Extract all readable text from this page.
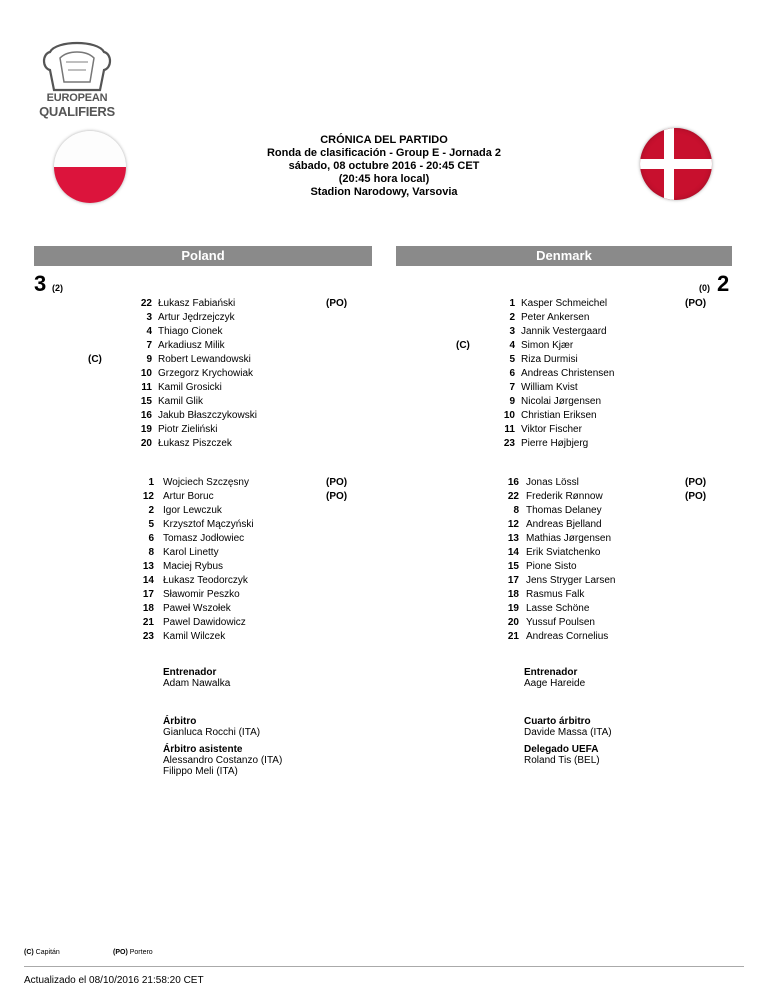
EUROPEAN
QUALIFIERS
CRÓNICA DEL PARTIDO
Ronda de clasificación - Group E - Jornada 2
sábado, 08 octubre 2016 - 20:45 CET
(20:45 hora local)
Stadion Narodowy, Varsovia
Poland	Denmark
3 (2)	(0) 2
22 Łukasz Fabiański	(PO)
3 Artur Jędrzejczyk
4 Thiago Cionek
7 Arkadiusz Milik
(C)	9 Robert Lewandowski
10 Grzegorz Krychowiak
11 Kamil Grosicki
15 Kamil Glik
16 Jakub Błaszczykowski
19 Piotr Zieliński
20 Łukasz Piszczek
1 Wojciech Szczęsny	(PO)
12 Artur Boruc	(PO)
2 Igor Lewczuk
5 Krzysztof Mączyński
6 Tomasz Jodłowiec
8 Karol Linetty
13 Maciej Rybus
14 Łukasz Teodorczyk
17 Sławomir Peszko
18 Paweł Wszołek
21 Pawel Dawidowicz
23 Kamil Wilczek
1 Kasper Schmeichel	(PO)
2 Peter Ankersen
3 Jannik Vestergaard
(C)	4 Simon Kjær
5 Riza Durmisi
6 Andreas Christensen
7 William Kvist
9 Nicolai Jørgensen
10 Christian Eriksen
11 Viktor Fischer
23 Pierre Højbjerg
16 Jonas Lössl	(PO)
22 Frederik Rønnow	(PO)
8 Thomas Delaney
12 Andreas Bjelland
13 Mathias Jørgensen
14 Erik Sviatchenko
15 Pione Sisto
17 Jens Stryger Larsen
18 Rasmus Falk
19 Lasse Schöne
20 Yussuf Poulsen
21 Andreas Cornelius
Entrenador
Adam Nawalka
Entrenador
Aage Hareide
Árbitro
Gianluca Rocchi (ITA)
Árbitro asistente
Alessandro Costanzo (ITA)
Filippo Meli (ITA)
Cuarto árbitro
Davide Massa (ITA)
Delegado UEFA
Roland Tis (BEL)
(C) Capitán	(PO) Portero
Actualizado el 08/10/2016 21:58:20 CET
